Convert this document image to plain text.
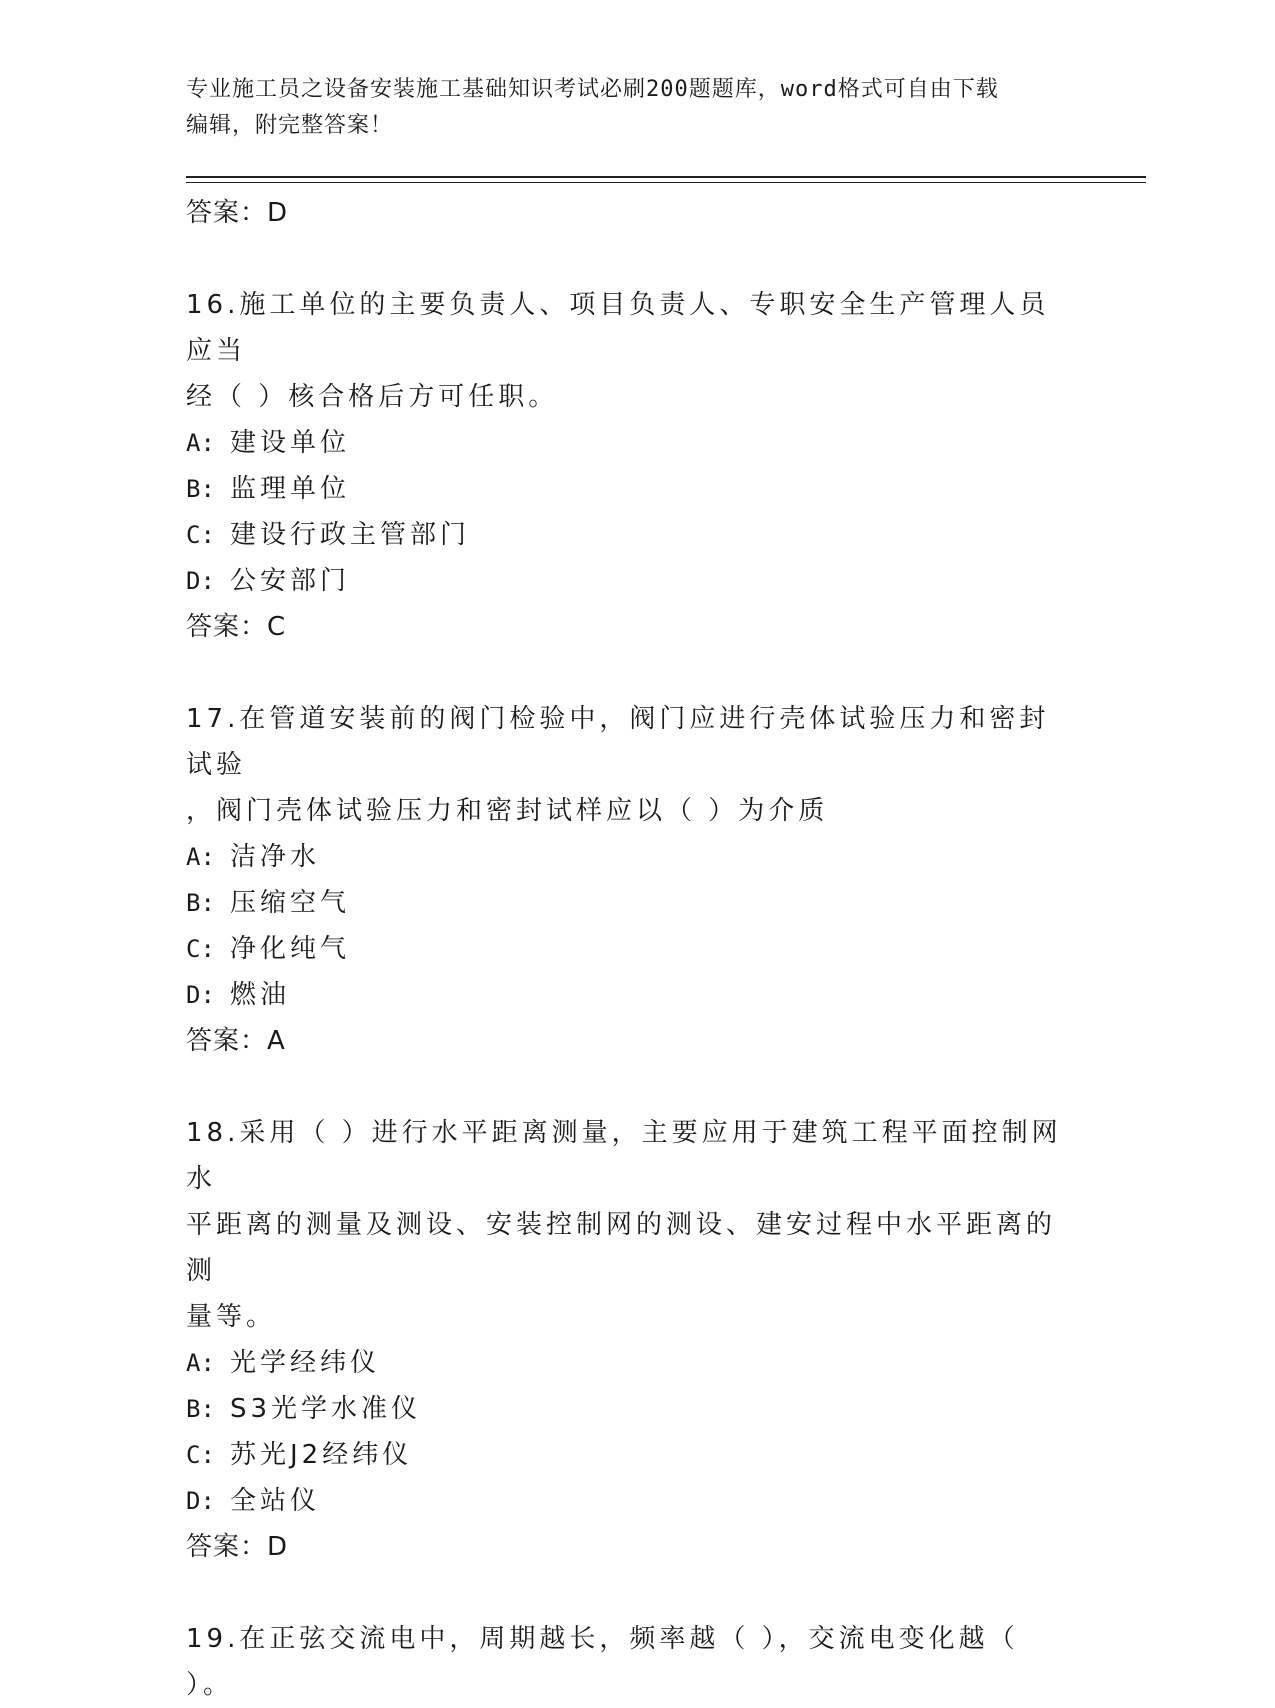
专业施工员之设备安装施工基础知识考试必刷200题题库，word格式可自由下载
编辑，附完整答案！
答案：D
16.施工单位的主要负责人、项目负责人、专职安全生产管理人员应当
经（ ）核合格后方可任职。
A: 建设单位
B: 监理单位
C: 建设行政主管部门
D: 公安部门
答案：C
17.在管道安装前的阀门检验中，阀门应进行壳体试验压力和密封试验
，阀门壳体试验压力和密封试样应以（ ）为介质
A: 洁净水
B: 压缩空气
C: 净化纯气
D: 燃油
答案：A
18.采用（ ）进行水平距离测量，主要应用于建筑工程平面控制网水
平距离的测量及测设、安装控制网的测设、建安过程中水平距离的测
量等。
A: 光学经纬仪
B: S3光学水准仪
C: 苏光J2经纬仪
D: 全站仪
答案：D
19.在正弦交流电中，周期越长，频率越（ ），交流电变化越（ ）。
